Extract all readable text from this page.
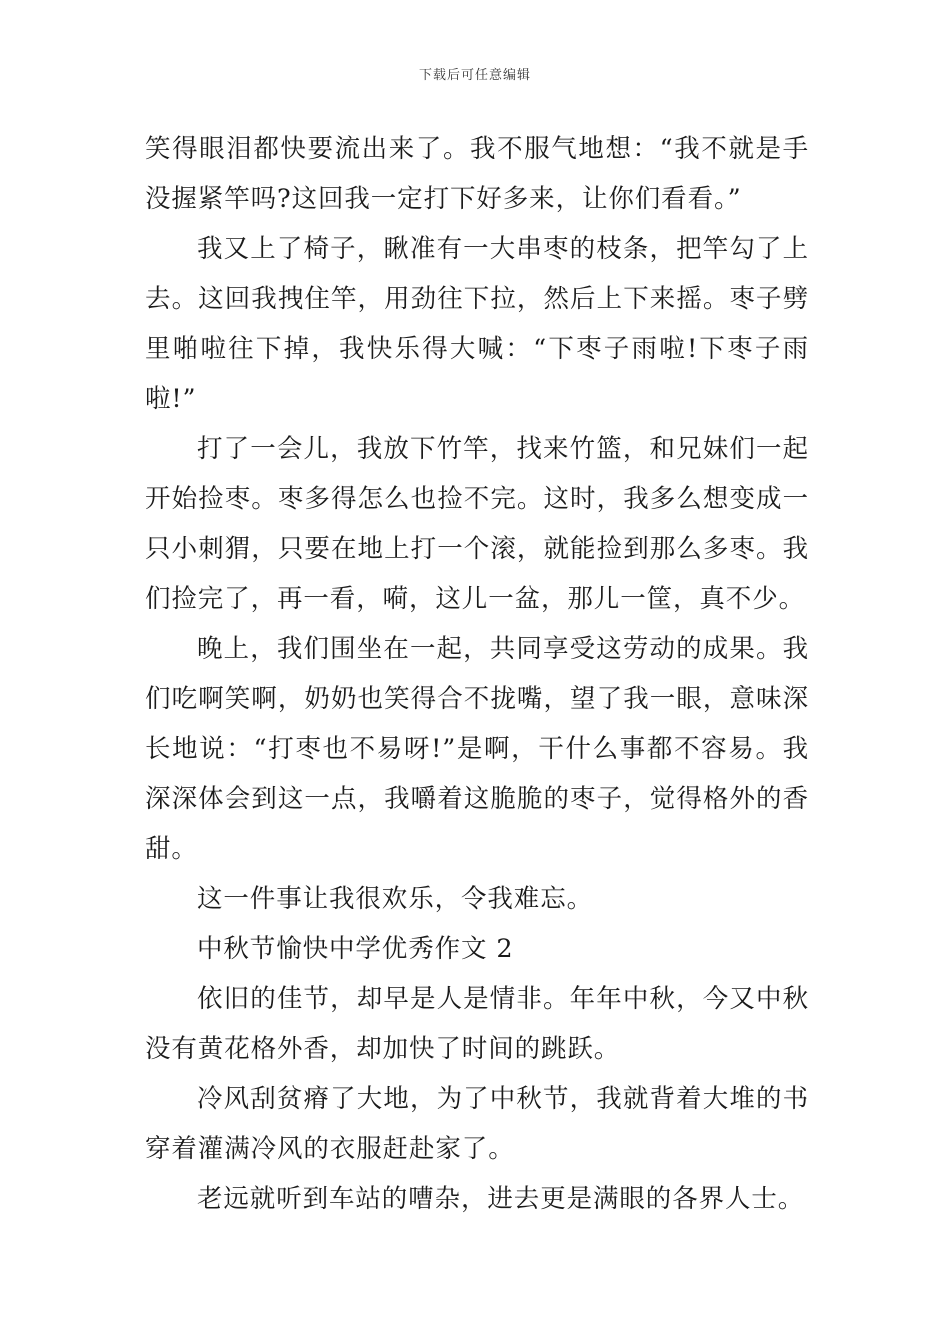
下载后可任意编辑

笑得眼泪都快要流出来了。我不服气地想：“我不就是手没握紧竿吗?这回我一定打下好多来，让你们看看。”

我又上了椅子，瞅准有一大串枣的枝条，把竿勾了上去。这回我拽住竿，用劲往下拉，然后上下来摇。枣子劈里啪啦往下掉，我快乐得大喊：“下枣子雨啦!下枣子雨啦!”

打了一会儿，我放下竹竿，找来竹篮，和兄妹们一起开始捡枣。枣多得怎么也捡不完。这时，我多么想变成一只小刺猬，只要在地上打一个滚，就能捡到那么多枣。我们捡完了，再一看，嗬，这儿一盆，那儿一筐，真不少。

晚上，我们围坐在一起，共同享受这劳动的成果。我们吃啊笑啊，奶奶也笑得合不拢嘴，望了我一眼，意味深长地说：“打枣也不易呀!”是啊，干什么事都不容易。我深深体会到这一点，我嚼着这脆脆的枣子，觉得格外的香甜。

这一件事让我很欢乐，令我难忘。

中秋节愉快中学优秀作文 2

依旧的佳节，却早是人是情非。年年中秋，今又中秋没有黄花格外香，却加快了时间的跳跃。

冷风刮贫瘠了大地，为了中秋节，我就背着大堆的书穿着灌满冷风的衣服赶赴家了。

老远就听到车站的嘈杂，进去更是满眼的各界人士。
